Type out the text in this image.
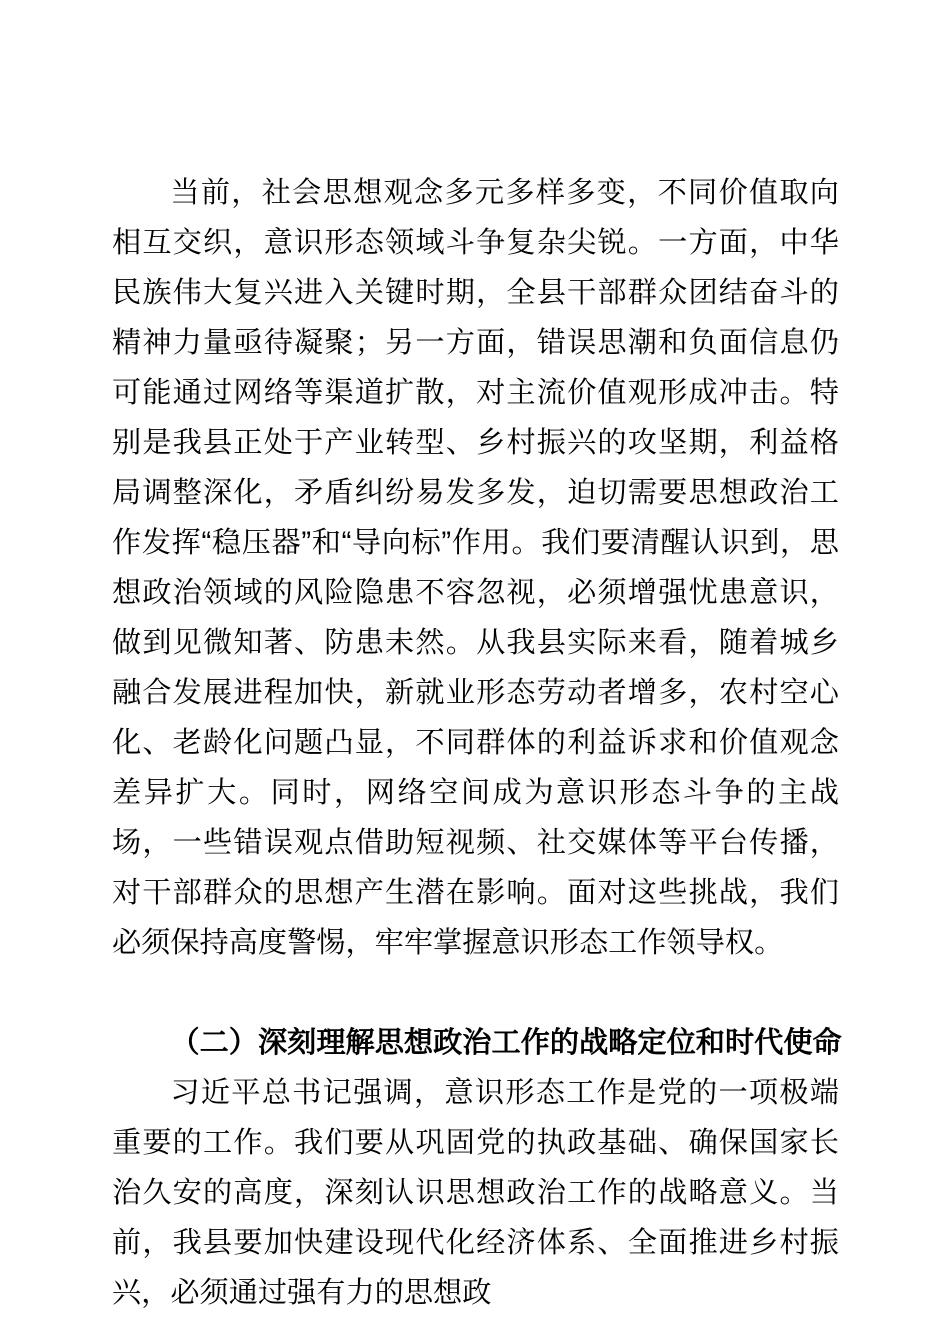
当前，社会思想观念多元多样多变，不同价值取向相互交织，意识形态领域斗争复杂尖锐。一方面，中华民族伟大复兴进入关键时期，全县干部群众团结奋斗的精神力量亟待凝聚；另一方面，错误思潮和负面信息仍可能通过网络等渠道扩散，对主流价值观形成冲击。特别是我县正处于产业转型、乡村振兴的攻坚期，利益格局调整深化，矛盾纠纷易发多发，迫切需要思想政治工作发挥“稳压器”和“导向标”作用。我们要清醒认识到，思想政治领域的风险隐患不容忽视，必须增强忧患意识，做到见微知著、防患未然。从我县实际来看，随着城乡融合发展进程加快，新就业形态劳动者增多，农村空心化、老龄化问题凸显，不同群体的利益诉求和价值观念差异扩大。同时，网络空间成为意识形态斗争的主战场，一些错误观点借助短视频、社交媒体等平台传播，对干部群众的思想产生潜在影响。面对这些挑战，我们必须保持高度警惕，牢牢掌握意识形态工作领导权。

（二）深刻理解思想政治工作的战略定位和时代使命

习近平总书记强调，意识形态工作是党的一项极端重要的工作。我们要从巩固党的执政基础、确保国家长治久安的高度，深刻认识思想政治工作的战略意义。当前，我县要加快建设现代化经济体系、全面推进乡村振兴，必须通过强有力的思想政
